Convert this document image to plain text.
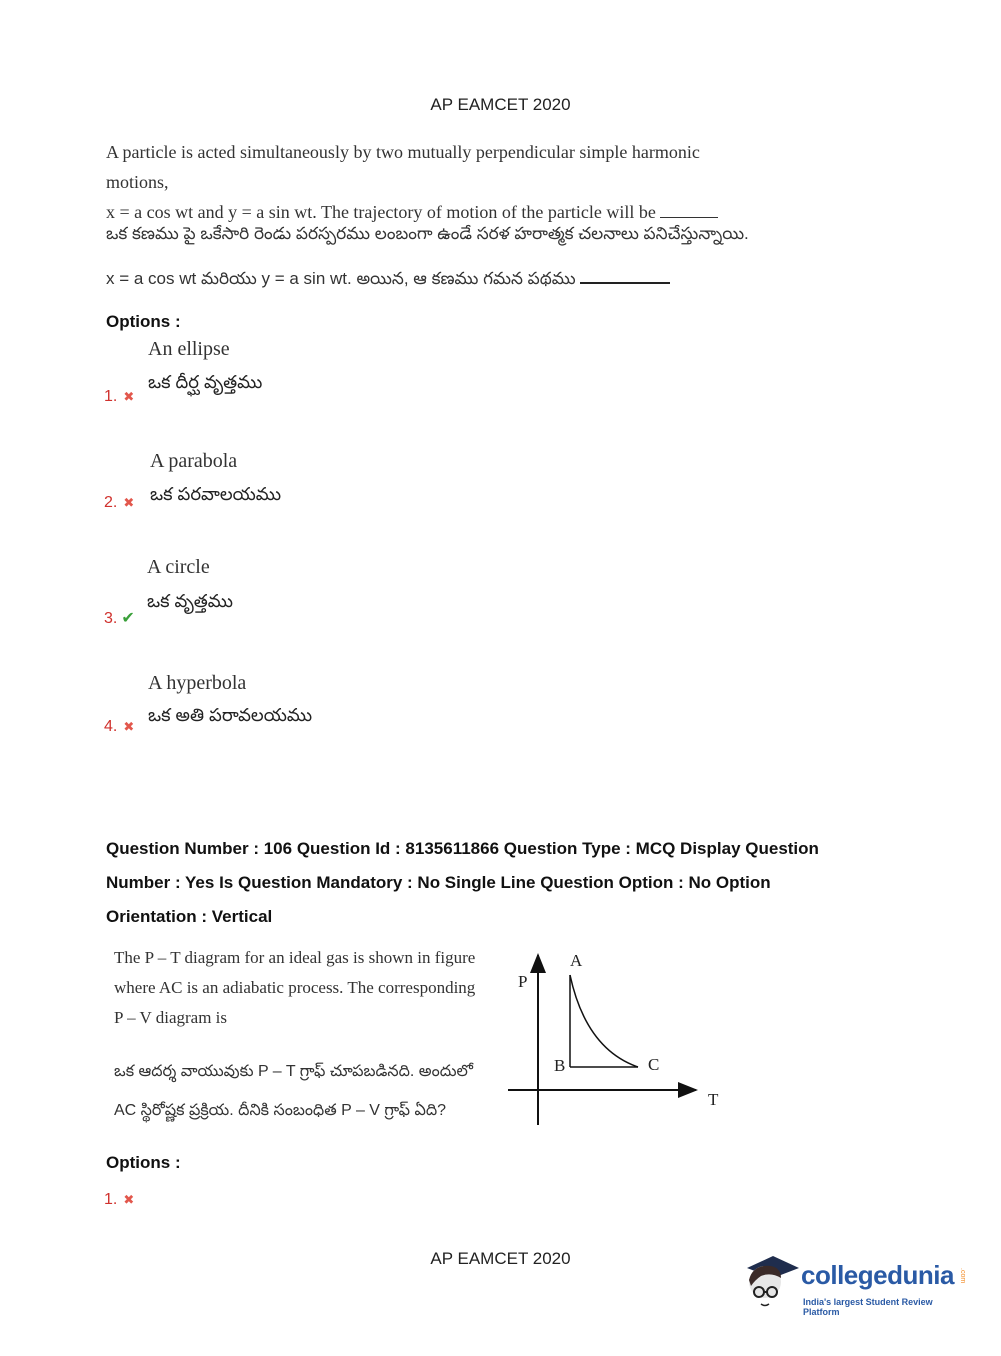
AP EAMCET 2020
A particle is acted simultaneously by two mutually perpendicular simple harmonic motions,
x = a cos wt and y = a sin wt. The trajectory of motion of the particle will be
ఒక కణము పై ఒకేసారి రెండు పరస్పరము లంబంగా ఉండే సరళ హరాత్మక చలనాలు పనిచేస్తున్నాయి.
x = a cos wt మరియు y = a sin wt. అయిన, ఆ కణము గమన పథము
Options :
An ellipse
ఒక దీర్ఘ వృత్తము
1. ✖
A parabola
ఒక పరవాలయము
2. ✖
A circle
ఒక వృత్తము
3. ✔
A hyperbola
ఒక అతి పరావలయము
4. ✖
Question Number : 106 Question Id : 8135611866 Question Type : MCQ Display Question
Number : Yes Is Question Mandatory : No Single Line Question Option : No Option
Orientation : Vertical
The P – T diagram for an ideal gas is shown in figure
where AC is an adiabatic process. The corresponding
P – V diagram is
ఒక ఆదర్శ వాయువుకు P – T గ్రాఫ్ చూపబడినది. అందులో
AC స్థిరోష్ణక ప్రక్రియ. దీనికి సంబంధిత P – V గ్రాఫ్ ఏది?
P
T
A
B	C
Options :
1. ✖
AP EAMCET 2020
collegedunia .com
India's largest Student Review Platform
